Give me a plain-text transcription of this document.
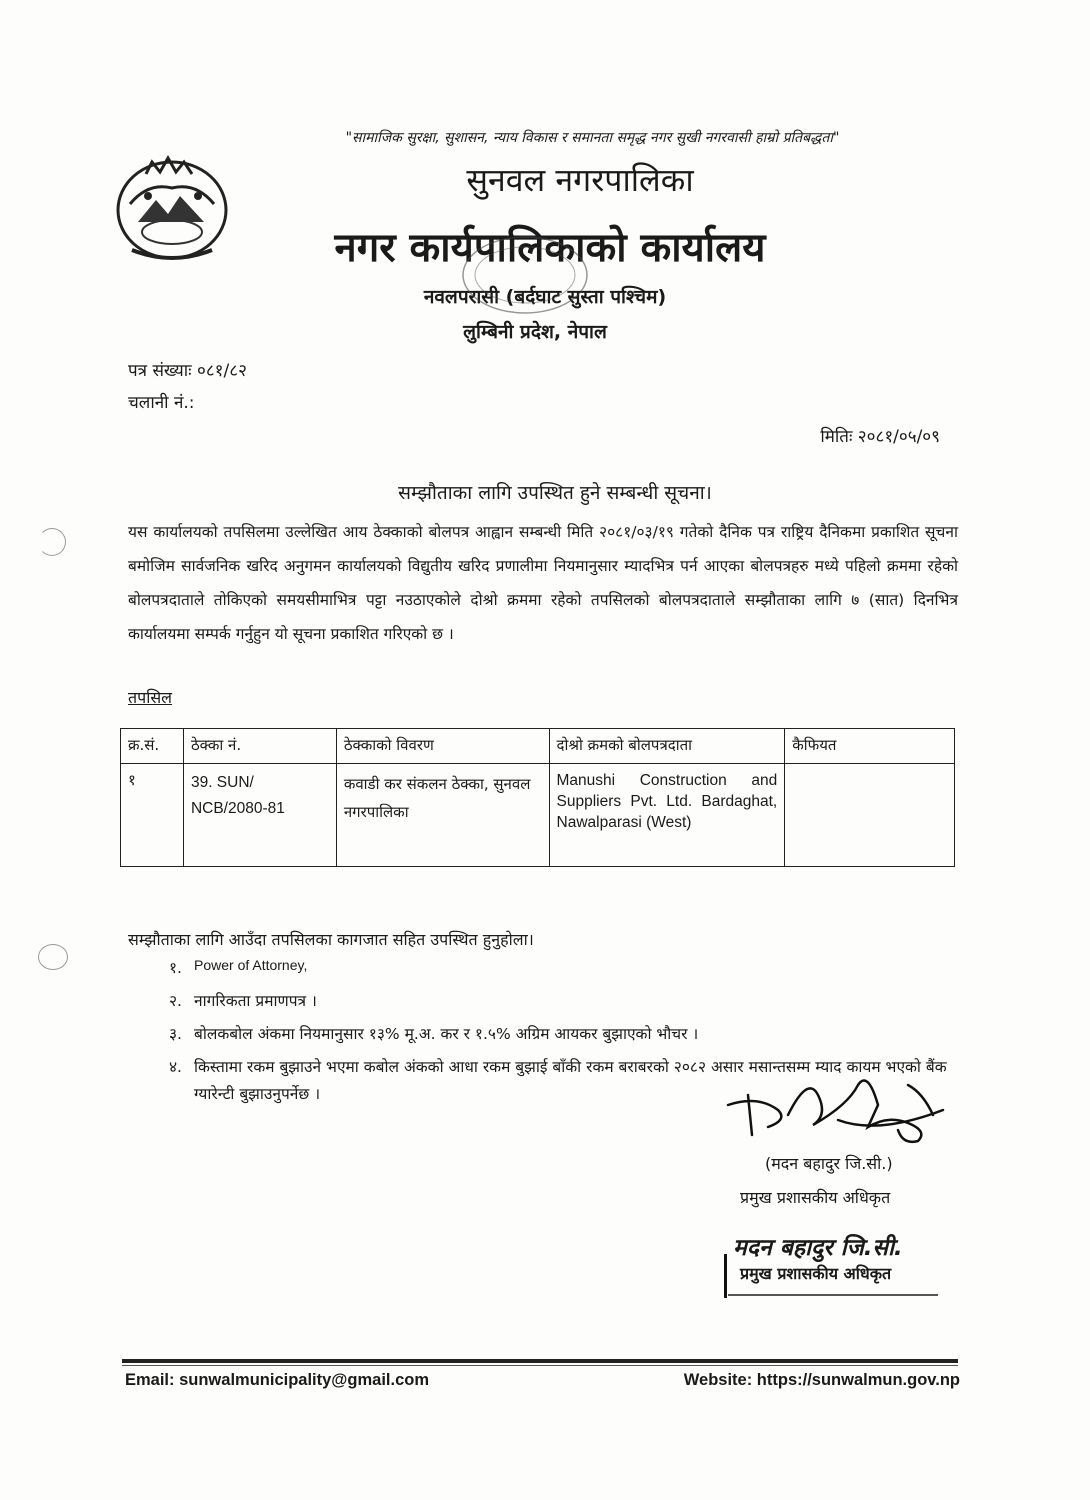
"सामाजिक सुरक्षा, सुशासन, न्याय विकास र समानता समृद्ध नगर सुखी नगरवासी हाम्रो प्रतिबद्धता"
सुनवल नगरपालिका
नगर कार्यपालिकाको कार्यालय
नवलपरासी (बर्दघाट सुस्ता पश्चिम)
लुम्बिनी प्रदेश, नेपाल
पत्र संख्याः ०८१/८२
चलानी नं.:
मितिः २०८१/०५/०९
सम्झौताका लागि उपस्थित हुने सम्बन्धी सूचना।
यस कार्यालयको तपसिलमा उल्लेखित आय ठेक्काको बोलपत्र आह्वान सम्बन्धी मिति २०८१/०३/१९ गतेको दैनिक पत्र राष्ट्रिय दैनिकमा प्रकाशित सूचना बमोजिम सार्वजनिक खरिद अनुगमन कार्यालयको विद्युतीय खरिद प्रणालीमा नियमानुसार म्यादभित्र पर्न आएका बोलपत्रहरु मध्ये पहिलो क्रममा रहेको बोलपत्रदाताले तोकिएको समयसीमाभित्र पट्टा नउठाएकोले दोश्रो क्रममा रहेको तपसिलको बोलपत्रदाताले सम्झौताका लागि ७ (सात) दिनभित्र कार्यालयमा सम्पर्क गर्नुहुन यो सूचना प्रकाशित गरिएको छ ।
तपसिल
क्र.सं.	ठेक्का नं.	ठेक्काको विवरण	दोश्रो क्रमको बोलपत्रदाता	कैफियत
१	39. SUN/ NCB/2080-81	कवाडी कर संकलन ठेक्का, सुनवल नगरपालिका	Manushi Construction and Suppliers Pvt. Ltd. Bardaghat, Nawalparasi (West)	
सम्झौताका लागि आउँदा तपसिलका कागजात सहित उपस्थित हुनुहोला।
१. Power of Attorney,
२. नागरिकता प्रमाणपत्र ।
३. बोलकबोल अंकमा नियमानुसार १३% मू.अ. कर र १.५% अग्रिम आयकर बुझाएको भौचर ।
४. किस्तामा रकम बुझाउने भएमा कबोल अंकको आधा रकम बुझाई बाँकी रकम बराबरको २०८२ असार मसान्तसम्म म्याद कायम भएको बैंक ग्यारेन्टी बुझाउनुपर्नेछ ।
(मदन बहादुर जि.सी.)
प्रमुख प्रशासकीय अधिकृत
मदन बहादुर जि.सी.
प्रमुख प्रशासकीय अधिकृत
Email: sunwalmunicipality@gmail.com	Website: https://sunwalmun.gov.np
